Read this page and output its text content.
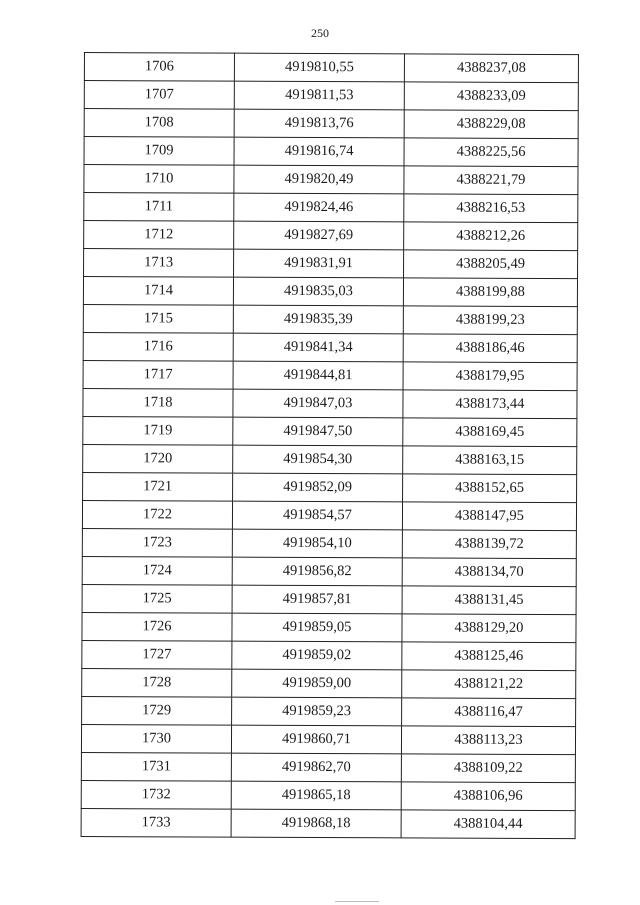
250
1706	4919810,55	4388237,08
1707	4919811,53	4388233,09
1708	4919813,76	4388229,08
1709	4919816,74	4388225,56
1710	4919820,49	4388221,79
1711	4919824,46	4388216,53
1712	4919827,69	4388212,26
1713	4919831,91	4388205,49
1714	4919835,03	4388199,88
1715	4919835,39	4388199,23
1716	4919841,34	4388186,46
1717	4919844,81	4388179,95
1718	4919847,03	4388173,44
1719	4919847,50	4388169,45
1720	4919854,30	4388163,15
1721	4919852,09	4388152,65
1722	4919854,57	4388147,95
1723	4919854,10	4388139,72
1724	4919856,82	4388134,70
1725	4919857,81	4388131,45
1726	4919859,05	4388129,20
1727	4919859,02	4388125,46
1728	4919859,00	4388121,22
1729	4919859,23	4388116,47
1730	4919860,71	4388113,23
1731	4919862,70	4388109,22
1732	4919865,18	4388106,96
1733	4919868,18	4388104,44
